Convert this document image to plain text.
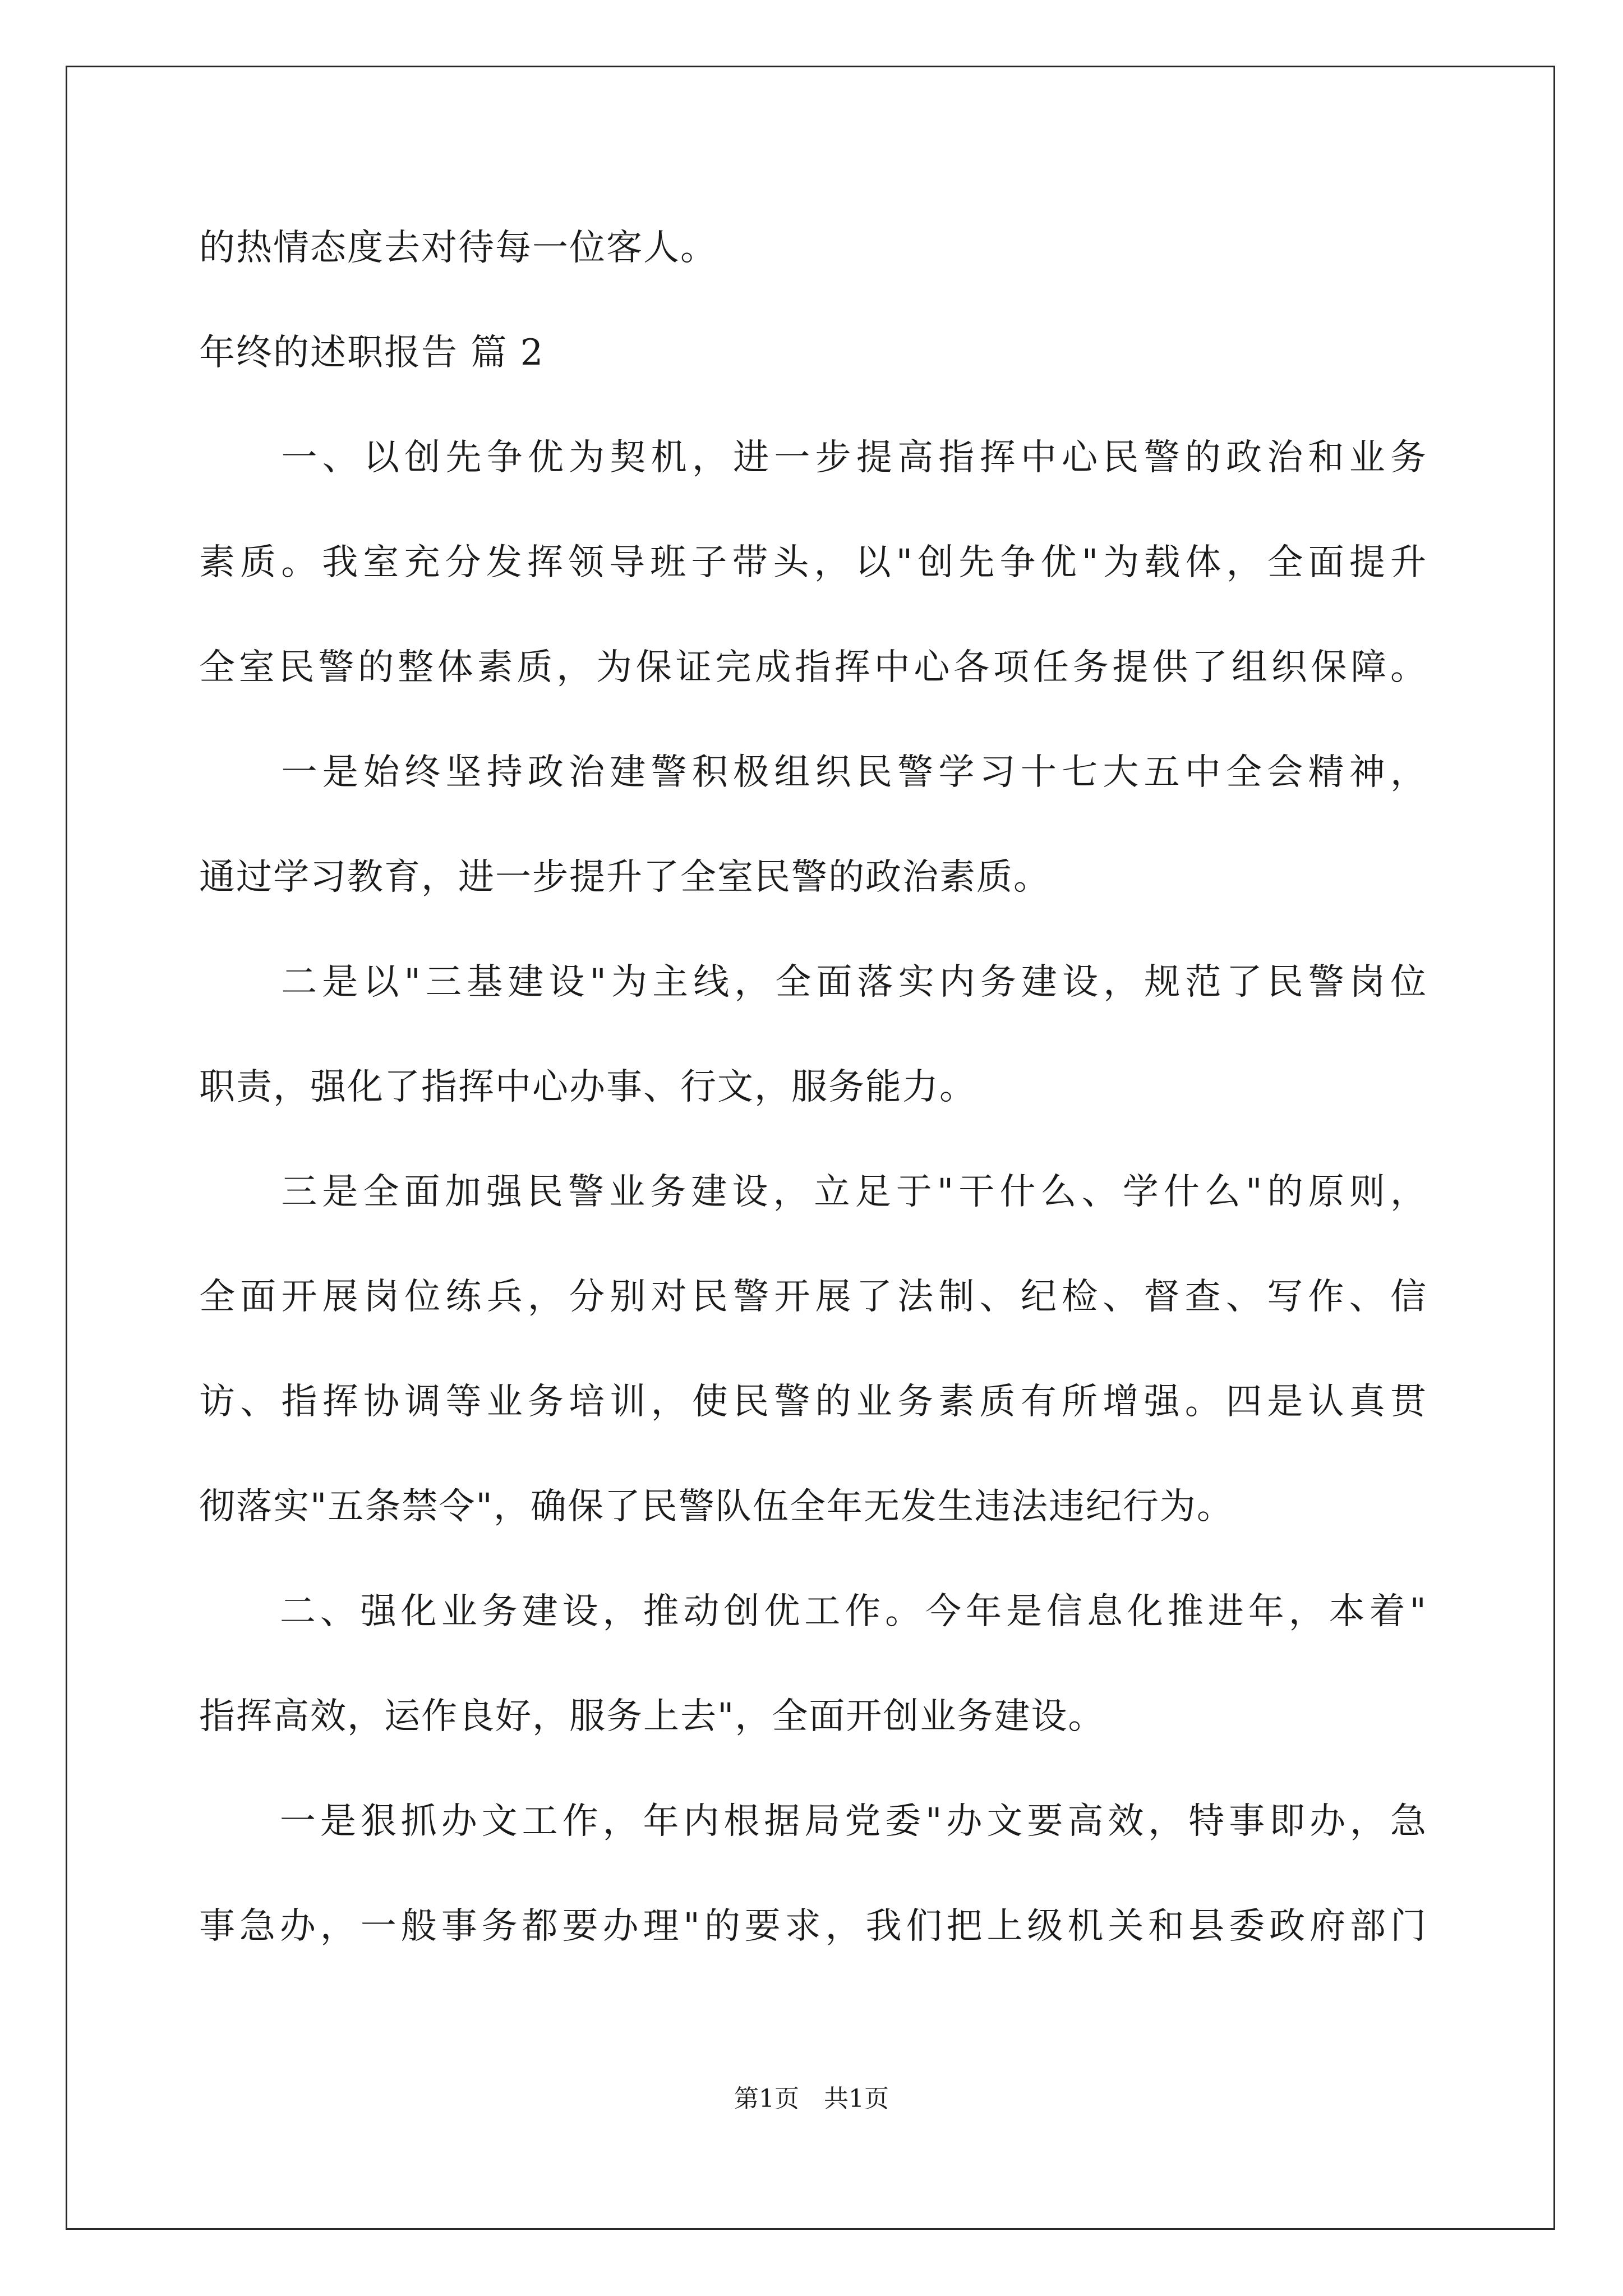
的热情态度去对待每一位客人。
年终的述职报告 篇 2
　　一、以创先争优为契机，进一步提高指挥中心民警的政治和业务
素质。我室充分发挥领导班子带头，以"创先争优"为载体，全面提升
全室民警的整体素质，为保证完成指挥中心各项任务提供了组织保障。
　　一是始终坚持政治建警积极组织民警学习十七大五中全会精神，
通过学习教育，进一步提升了全室民警的政治素质。
　　二是以"三基建设"为主线，全面落实内务建设，规范了民警岗位
职责，强化了指挥中心办事、行文，服务能力。
　　三是全面加强民警业务建设，立足于"干什么、学什么"的原则，
全面开展岗位练兵，分别对民警开展了法制、纪检、督查、写作、信
访、指挥协调等业务培训，使民警的业务素质有所增强。四是认真贯
彻落实"五条禁令"，确保了民警队伍全年无发生违法违纪行为。
　　二、强化业务建设，推动创优工作。今年是信息化推进年，本着"
指挥高效，运作良好，服务上去"，全面开创业务建设。
　　一是狠抓办文工作，年内根据局党委"办文要高效，特事即办，急
事急办，一般事务都要办理"的要求，我们把上级机关和县委政府部门
第1页　共1页
